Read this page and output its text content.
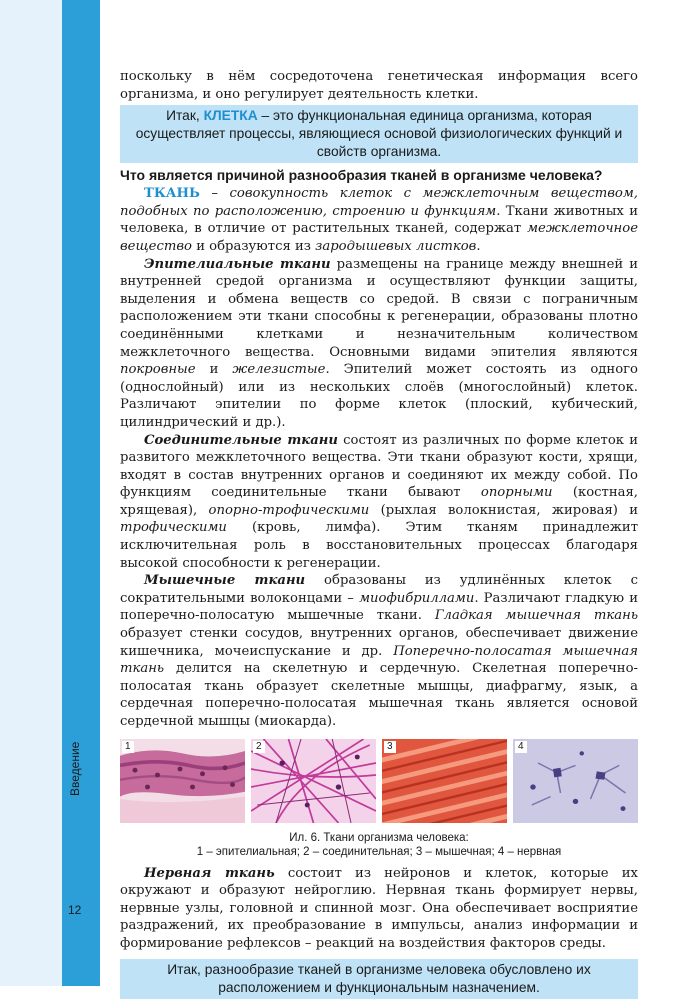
Введение
12

поскольку в нём сосредоточена генетическая информация всего организма, и оно регулирует деятельность клетки.

Итак, КЛЕТКА – это функциональная единица организма, которая осуществляет процессы, являющиеся основой физиологических функций и свойств организма.
Что является причиной разнообразия тканей в организме человека?

ТКАНЬ – совокупность клеток с межклеточным веществом, подобных по расположению, строению и функциям. Ткани животных и человека, в отличие от растительных тканей, содержат межклеточное вещество и образуются из зародышевых листков.

Эпителиальные ткани размещены на границе между внешней и внутренней средой организма и осуществляют функции защиты, выделения и обмена веществ со средой. В связи с пограничным расположением эти ткани способны к регенерации, образованы плотно соединёнными клетками и незначительным количеством межклеточного вещества. Основными видами эпителия являются покровные и железистые. Эпителий может состоять из одного (однослойный) или из нескольких слоёв (многослойный) клеток. Различают эпителии по форме клеток (плоский, кубический, цилиндрический и др.).

Соединительные ткани состоят из различных по форме клеток и развитого межклеточного вещества. Эти ткани образуют кости, хрящи, входят в состав внутренних органов и соединяют их между собой. По функциям соединительные ткани бывают опорными (костная, хрящевая), опорно-трофическими (рыхлая волокнистая, жировая) и трофическими (кровь, лимфа). Этим тканям принадлежит исключительная роль в восстановительных процессах благодаря высокой способности к регенерации.

Мышечные ткани образованы из удлинённых клеток с сократительными волоконцами – миофибриллами. Различают гладкую и поперечно-полосатую мышечные ткани. Гладкая мышечная ткань образует стенки сосудов, внутренних органов, обеспечивает движение кишечника, мочеиспускание и др. Поперечно-полосатая мышечная ткань делится на скелетную и сердечную. Скелетная поперечно-полосатая ткань образует скелетные мышцы, диафрагму, язык, а сердечная поперечно-полосатая мышечная ткань является основой сердечной мышцы (миокарда).

1	2	3	4
Ил. 6. Ткани организма человека:
1 – эпителиальная; 2 – соединительная; 3 – мышечная; 4 – нервная

Нервная ткань состоит из нейронов и клеток, которые их окружают и образуют нейроглию. Нервная ткань формирует нервы, нервные узлы, головной и спинной мозг. Она обеспечивает восприятие раздражений, их преобразование в импульсы, анализ информации и формирование рефлексов – реакций на воздействия факторов среды.

Итак, разнообразие тканей в организме человека обусловлено их расположением и функциональным назначением.
